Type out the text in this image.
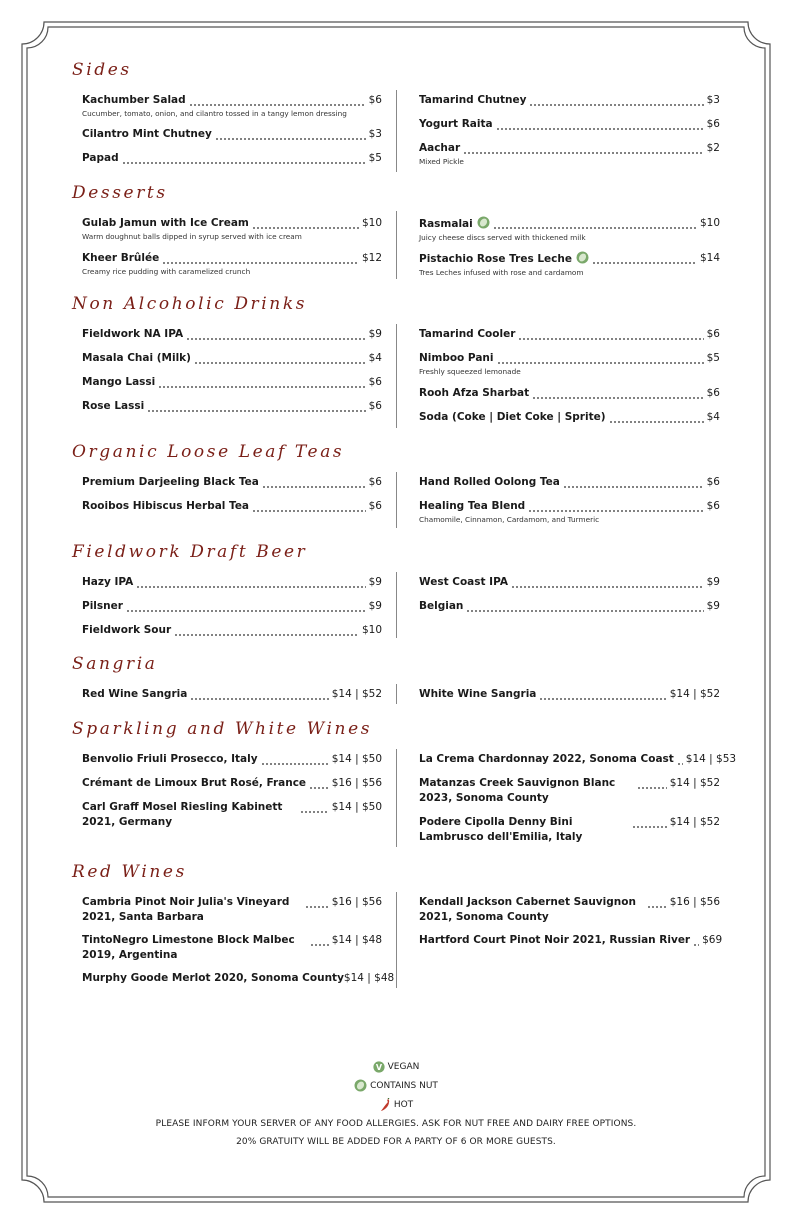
Sides
Kachumber Salad	$6
Cucumber, tomato, onion, and cilantro tossed in a tangy lemon dressing
Cilantro Mint Chutney	$3
Papad	$5
Tamarind Chutney	$3
Yogurt Raita	$6
Aachar	$2
Mixed Pickle
Desserts
Gulab Jamun with Ice Cream	$10
Warm doughnut balls dipped in syrup served with ice cream
Kheer Brûlée	$12
Creamy rice pudding with caramelized crunch
Rasmalai	$10
Juicy cheese discs served with thickened milk
Pistachio Rose Tres Leche	$14
Tres Leches infused with rose and cardamom
Non Alcoholic Drinks
Fieldwork NA IPA	$9
Masala Chai (Milk)	$4
Mango Lassi	$6
Rose Lassi	$6
Tamarind Cooler	$6
Nimboo Pani	$5
Freshly squeezed lemonade
Rooh Afza Sharbat	$6
Soda (Coke | Diet Coke | Sprite)	$4
Organic Loose Leaf Teas
Premium Darjeeling Black Tea	$6
Rooibos Hibiscus Herbal Tea	$6
Hand Rolled Oolong Tea	$6
Healing Tea Blend	$6
Chamomile, Cinnamon, Cardamom, and Turmeric
Fieldwork Draft Beer
Hazy IPA	$9
Pilsner	$9
Fieldwork Sour	$10
West Coast IPA	$9
Belgian	$9
Sangria
Red Wine Sangria	$14 | $52	White Wine Sangria	$14 | $52
Sparkling and White Wines
Benvolio Friuli Prosecco, Italy	$14 | $50
Crémant de Limoux Brut Rosé, France $16 | $56
Carl Graff Mosel Riesling Kabinett 2021, Germany
$14 | $50
La Crema Chardonnay 2022, Sonoma Coast $14 | $53
Matanzas Creek Sauvignon Blanc 2023, Sonoma County
$14 | $52
Podere Cipolla Denny Bini Lambrusco dell'Emilia, Italy
$14 | $52
Red Wines
Cambria Pinot Noir Julia's Vineyard 2021, Santa Barbara
$16 | $56
TintoNegro Limestone Block Malbec 2019, Argentina
$14 | $48
Murphy Goode Merlot 2020, Sonoma County $14 | $48
Kendall Jackson Cabernet Sauvignon 2021, Sonoma County
$16 | $56
Hartford Court Pinot Noir 2021, Russian River $69
V VEGAN
CONTAINS NUT
HOT
PLEASE INFORM YOUR SERVER OF ANY FOOD ALLERGIES. ASK FOR NUT FREE AND DAIRY FREE OPTIONS.
20% GRATUITY WILL BE ADDED FOR A PARTY OF 6 OR MORE GUESTS.
